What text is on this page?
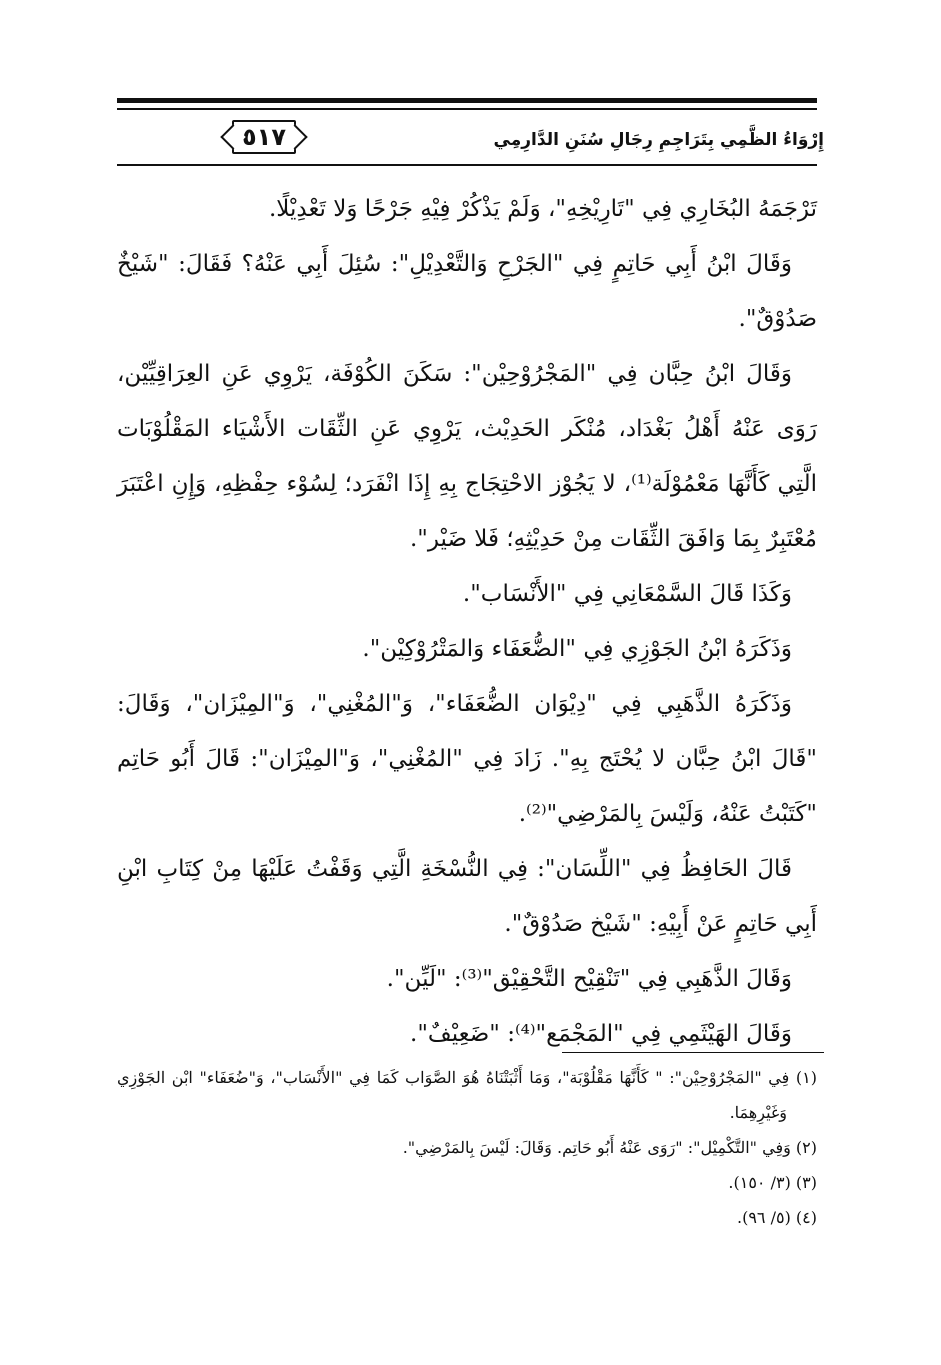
٥١٧	إِرْوَاءُ الظَّمِي بِتَرَاجِمِ رِجَالِ سُنَنِ الدَّارِمِي

تَرْجَمَهُ البُخَارِي فِي "تَارِيْخِهِ"، وَلَمْ يَذْكُرْ فِيْهِ جَرْحًا وَلا تَعْدِيْلًا.

وَقَالَ ابْنُ أَبِي حَاتِمٍ فِي "الجَرْحِ وَالتَّعْدِيْلِ": سُئِلَ أَبِي عَنْهُ؟ فَقَالَ: "شَيْخٌ صَدُوْقٌ".

وَقَالَ ابْنُ حِبَّان فِي "المَجْرُوْحِيْن": سَكَنَ الكُوْفَة، يَرْوِي عَنِ العِرَاقِيِّيْن، رَوَى عَنْهُ أَهْلُ بَغْدَاد، مُنْكَر الحَدِيْث، يَرْوِي عَنِ الثِّقَات الأَشْيَاء المَقْلُوْبَات الَّتِي كَأَنَّهَا مَعْمُوْلَة⁽¹⁾، لا يَجُوْز الاحْتِجَاج بِهِ إِذَا انْفَرَد؛ لِسُوْء حِفْظِهِ، وَإِنِ اعْتَبَرَ مُعْتَبِرٌ بِمَا وَافَقَ الثِّقَات مِنْ حَدِيْثِهِ؛ فَلا ضَيْر".

وَكَذَا قَالَ السَّمْعَانِي فِي "الأَنْسَاب".

وَذَكَرَهُ ابْنُ الجَوْزِي فِي "الضُّعَفَاء وَالمَتْرُوْكِيْن".

وَذَكَرَهُ الذَّهَبِي فِي "دِيْوَان الضُّعَفَاء"، وَ"المُغْنِي"، وَ"المِيْزَان"، وَقَالَ: "قَالَ ابْنُ حِبَّان لا يُحْتَج بِهِ". زَادَ فِي "المُغْنِي"، وَ"المِيْزَان": قَالَ أَبُو حَاتِم "كَتَبْتُ عَنْهُ، وَلَيْسَ بِالمَرْضِي"⁽²⁾.

قَالَ الحَافِظُ فِي "اللِّسَان": فِي النُّسْخَةِ الَّتِي وَقَفْتُ عَلَيْهَا مِنْ كِتَابِ ابْنِ أَبِي حَاتِمٍ عَنْ أَبِيْهِ: "شَيْخ صَدُوْقٌ".

وَقَالَ الذَّهَبِي فِي "تَنْقِيْح التَّحْقِيْق"⁽³⁾: "لَيِّن".

وَقَالَ الهَيْثَمِي فِي "المَجْمَع"⁽⁴⁾: "ضَعِيْفٌ".

(١) فِي "المَجْرُوْحِيْن": " كَأَنَّهَا مَقْلُوْبَة"، وَمَا أَثْبَتْنَاهُ هُوَ الصَّوَاب كَمَا فِي "الأَنْسَاب"، وَ"ضُعَفَاء" ابْن الجَوْزِي وَغَيْرِهِمَا.

(٢) وَفِي "التَّكْمِيْل": "رَوَى عَنْهُ أَبُو حَاتِم. وَقَالَ: لَيْسَ بِالمَرْضِي".

(٣) (٣/ ١٥٠).

(٤) (٥/ ٩٦).
